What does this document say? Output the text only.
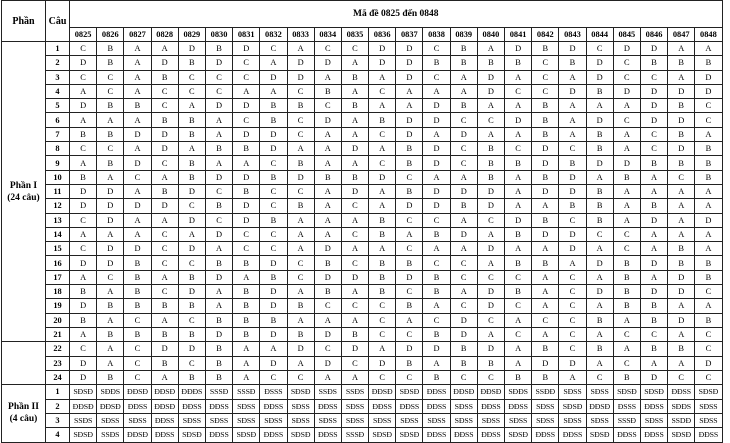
Phần	Câu	Mã đề 0825 đến 0848																							
		0825	0826	0827	0828	0829	0830	0831	0832	0833	0834	0835	0836	0837	0838	0839	0840	0841	0842	0843	0844	0845	0846	0847	0848

Phần I
(24 câu)	1	C	B	A	A	D	B	D	C	A	C	C	D	D	C	B	A	D	B	D	C	D	D	A	A
	2	D	B	A	D	B	D	C	A	D	D	A	D	D	B	B	B	B	C	B	D	C	B	B	B
	3	C	C	A	B	C	C	C	D	D	A	B	A	D	C	A	D	A	C	A	D	C	C	A	D
	4	A	C	A	C	C	C	A	A	C	B	A	C	A	A	A	D	C	C	D	B	D	D	D	D
	5	D	B	B	C	A	D	D	B	B	C	B	A	A	D	B	A	A	B	A	A	A	D	B	C
	6	A	A	A	B	B	A	C	B	C	D	A	B	D	D	C	C	D	B	A	D	C	D	D	C
	7	B	B	D	D	B	A	D	D	C	A	A	C	D	A	D	A	A	B	A	B	A	C	B	A
	8	C	C	A	D	A	B	B	D	A	A	D	A	B	D	C	B	C	D	C	B	A	C	D	B
	9	A	B	D	C	B	A	A	C	B	A	A	C	B	D	C	B	B	D	B	D	D	B	B	B
	10	B	A	C	A	B	D	D	B	D	B	B	D	C	A	A	B	A	B	D	A	B	A	C	B
	11	D	D	A	B	D	C	B	C	C	A	D	A	B	D	D	D	A	D	D	B	A	A	A	A
	12	D	D	D	D	C	B	D	C	B	A	C	A	D	D	B	D	A	A	B	B	A	B	A	A
	13	C	D	A	A	D	C	D	B	A	A	A	B	C	C	A	C	D	B	C	B	A	D	A	D
	14	A	A	A	C	A	D	C	C	A	A	C	B	A	B	D	A	B	D	D	C	C	A	A	A
	15	C	D	D	C	D	A	C	C	A	D	A	A	C	A	A	D	A	A	D	A	C	A	B	A
	16	D	D	B	C	C	B	B	D	C	B	C	B	B	C	C	A	B	B	A	D	B	D	B	B
	17	A	C	B	A	B	D	A	B	C	D	D	B	D	B	C	C	C	A	C	A	B	A	D	B
	18	B	A	B	C	D	A	B	D	A	B	A	B	C	B	A	D	B	A	C	D	B	D	D	C
	19	D	B	B	B	B	A	B	D	B	C	C	C	B	A	C	D	C	A	C	A	B	B	A	A
	20	B	A	C	A	C	B	B	B	A	A	A	C	A	C	D	C	A	C	C	B	A	B	D	B
	21	A	B	B	B	B	D	B	D	B	D	B	C	C	B	D	A	C	A	C	A	C	C	A	C
	22	C	A	C	D	D	B	A	A	D	C	D	A	D	D	B	D	A	B	C	B	A	B	B	C
	23	D	A	C	B	C	B	A	D	A	D	C	D	B	A	B	B	A	D	D	A	C	A	A	D
	24	D	B	C	A	B	B	A	C	C	A	A	C	C	B	C	C	B	B	A	C	B	D	C	C

Phần II
(4 câu)	1	SĐSĐ	SĐĐS	ĐĐSĐ	ĐĐSĐ	ĐĐĐS	SSSĐ	SSSĐ	ĐSSS	SĐSĐ	SSĐS	SSĐS	ĐĐSĐ	SĐSĐ	ĐĐSS	ĐĐSĐ	ĐĐSĐ	SĐĐS	SSĐĐ	SĐSS	SĐSS	SĐSĐ	SĐSĐ	ĐĐSS	SĐSĐ
	2	ĐĐSĐ	ĐĐSĐ	ĐĐSS	ĐĐSĐ	ĐĐSS	ĐĐSS	SĐSS	ĐĐSS	SĐSS	ĐĐSS	SĐSS	ĐĐSS	ĐĐSS	ĐĐSS	SĐSS	ĐĐSS	ĐĐSS	SĐSS	SĐSĐ	ĐĐSĐ	ĐSSS	ĐĐSS	SĐĐS	SĐSS
	3	SSĐS	SĐSS	SĐSS	ĐĐSS	SĐSS	SĐSS	SĐSS	SĐSS	SĐSS	SĐSS	SĐSS	SĐSS	SĐSS	SĐSS	SĐSS	SĐSS	SĐSS	SĐSS	SĐSS	SĐSS	SSSĐ	SĐSS	SSDĐ	SĐSS
	4	SĐSĐ	SSĐS	ĐĐSĐ	ĐĐSS	SĐSĐ	ĐĐSS	SĐSĐ	ĐĐSS	SĐSĐ	ĐĐSS	SSSĐ	SĐSĐ	SĐSĐ	ĐĐSS	ĐĐSS	ĐĐSS	SĐSĐ	ĐĐSS	ĐĐSS	SĐSĐ	ĐĐSS	ĐĐSS	SĐSĐ	ĐĐSS
